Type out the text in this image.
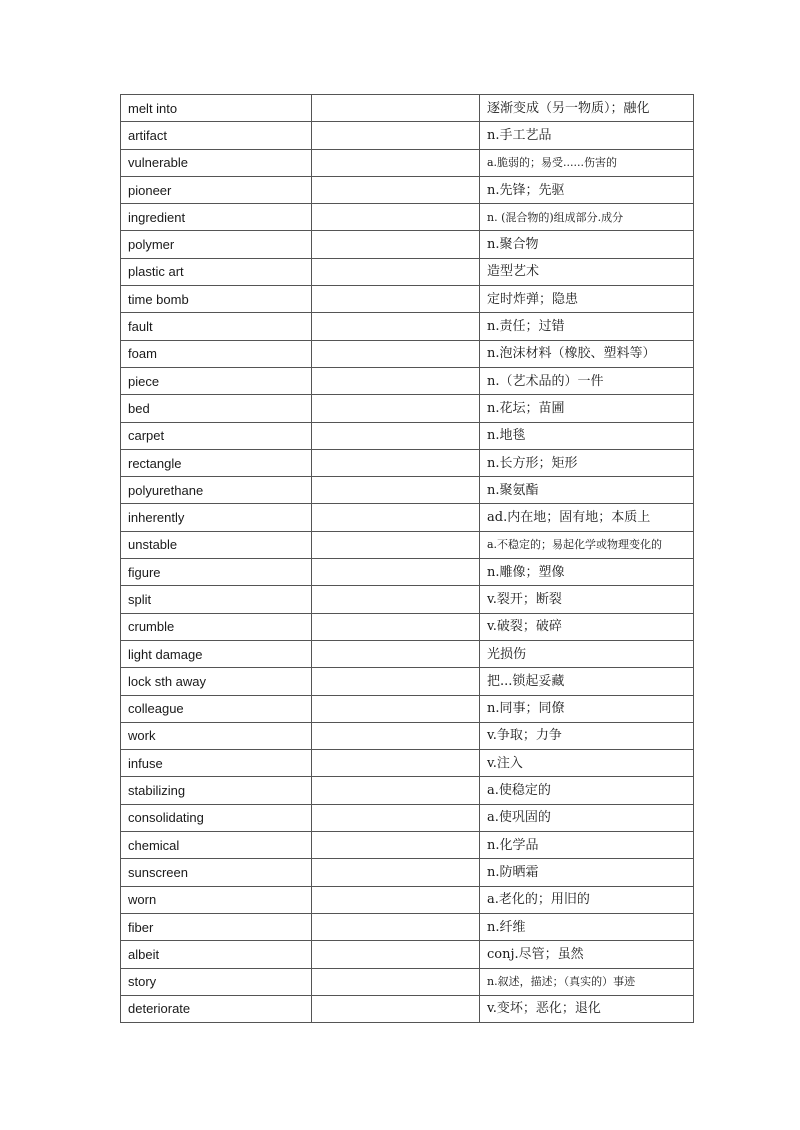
melt into		逐渐变成（另一物质）；融化
artifact		n.手工艺品
vulnerable		a.脆弱的；易受......伤害的
pioneer		n.先锋；先驱
ingredient		n. (混合物的)组成部分.成分
polymer		n.聚合物
plastic art		造型艺术
time bomb		定时炸弹；隐患
fault		n.责任；过错
foam		n.泡沫材料（橡胶、塑料等）
piece		n.（艺术品的）一件
bed		n.花坛；苗圃
carpet		n.地毯
rectangle		n.长方形；矩形
polyurethane		n.聚氨酯
inherently		ad.内在地；固有地；本质上
unstable		a.不稳定的；易起化学或物理变化的
figure		n.雕像；塑像
split		v.裂开；断裂
crumble		v.破裂；破碎
light damage		光损伤
lock sth away		把...锁起妥藏
colleague		n.同事；同僚
work		v.争取；力争
infuse		v.注入
stabilizing		a.使稳定的
consolidating		a.使巩固的
chemical		n.化学品
sunscreen		n.防晒霜
worn		a.老化的；用旧的
fiber		n.纤维
albeit		conj.尽管；虽然
story		n.叙述，描述；（真实的）事迹
deteriorate		v.变坏；恶化；退化
